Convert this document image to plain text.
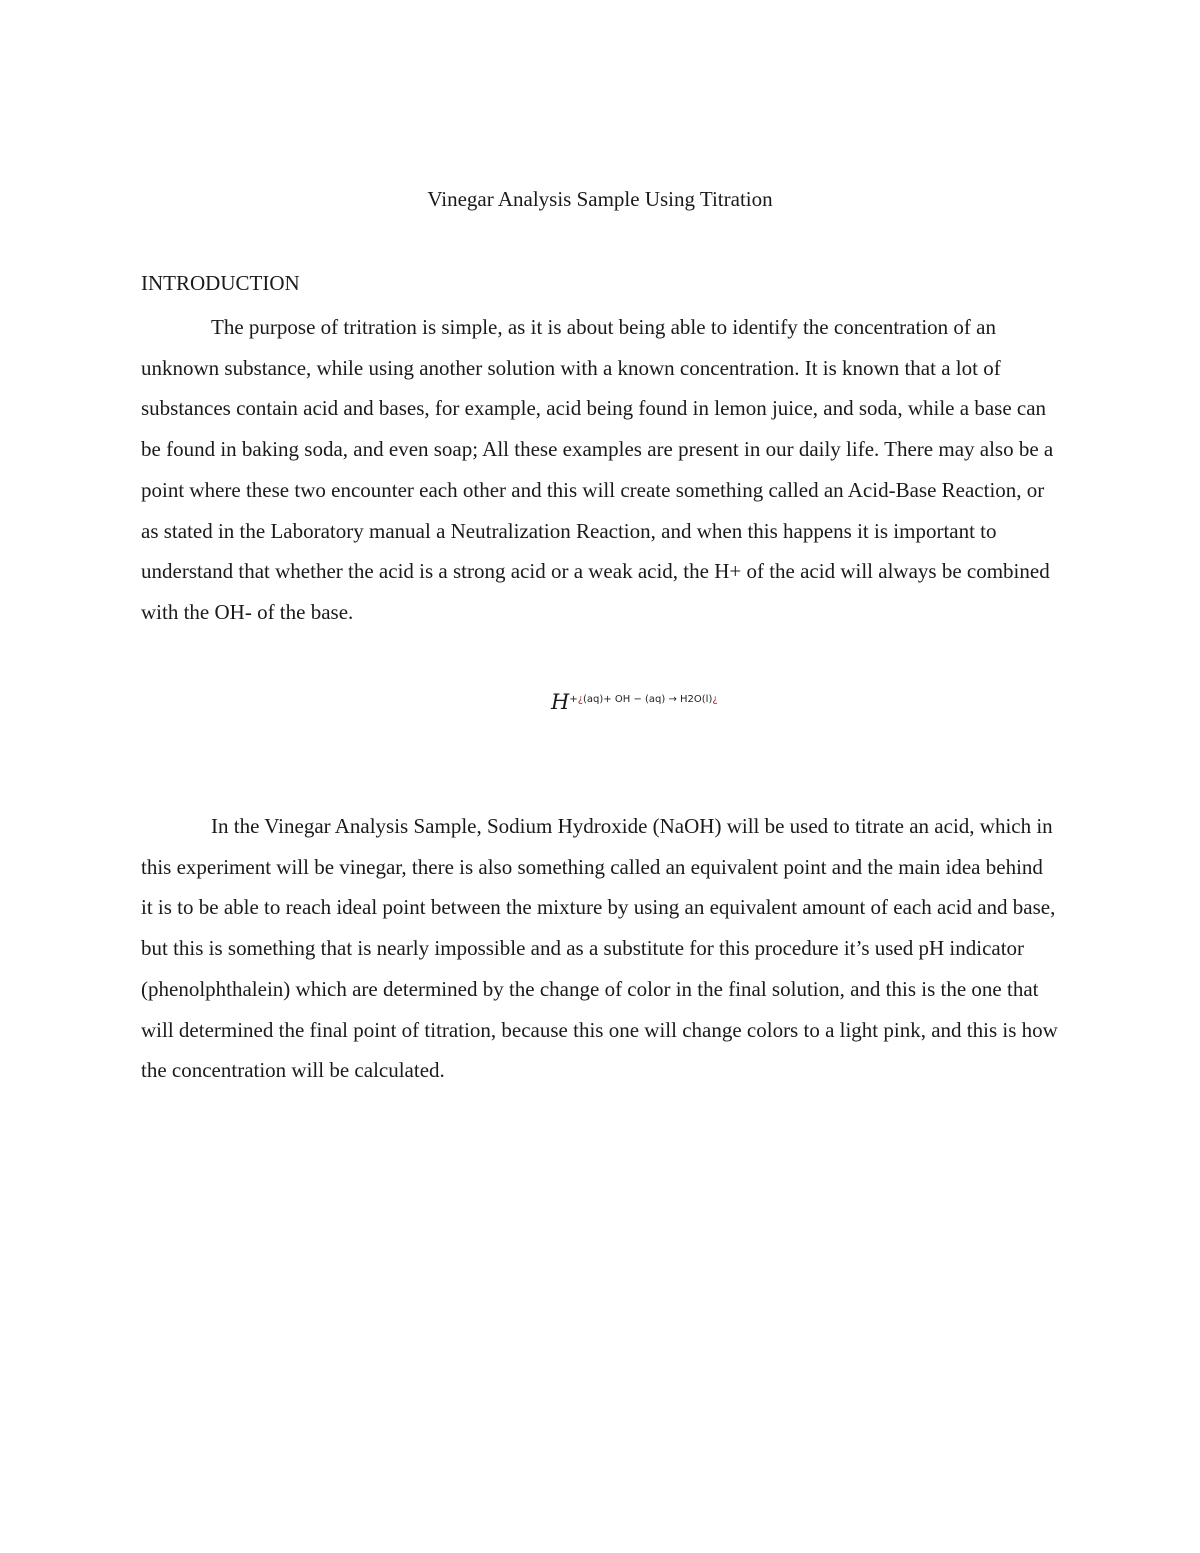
Vinegar Analysis Sample Using Titration
INTRODUCTION

The purpose of tritration is simple, as it is about being able to identify the concentration of an unknown substance, while using another solution with a known concentration. It is known that a lot of substances contain acid and bases, for example, acid being found in lemon juice, and soda, while a base can be found in baking soda, and even soap; All these examples are present in our daily life. There may also be a point where these two encounter each other and this will create something called an Acid-Base Reaction, or as stated in the Laboratory manual a Neutralization Reaction, and when this happens it is important to understand that whether the acid is a strong acid or a weak acid, the H+ of the acid will always be combined with the OH- of the base.

H+¿(aq)+ OH − (aq) → H2O(l)¿

In the Vinegar Analysis Sample, Sodium Hydroxide (NaOH) will be used to titrate an acid, which in this experiment will be vinegar, there is also something called an equivalent point and the main idea behind it is to be able to reach ideal point between the mixture by using an equivalent amount of each acid and base, but this is something that is nearly impossible and as a substitute for this procedure it’s used pH indicator (phenolphthalein) which are determined by the change of color in the final solution, and this is the one that will determined the final point of titration, because this one will change colors to a light pink, and this is how the concentration will be calculated.
